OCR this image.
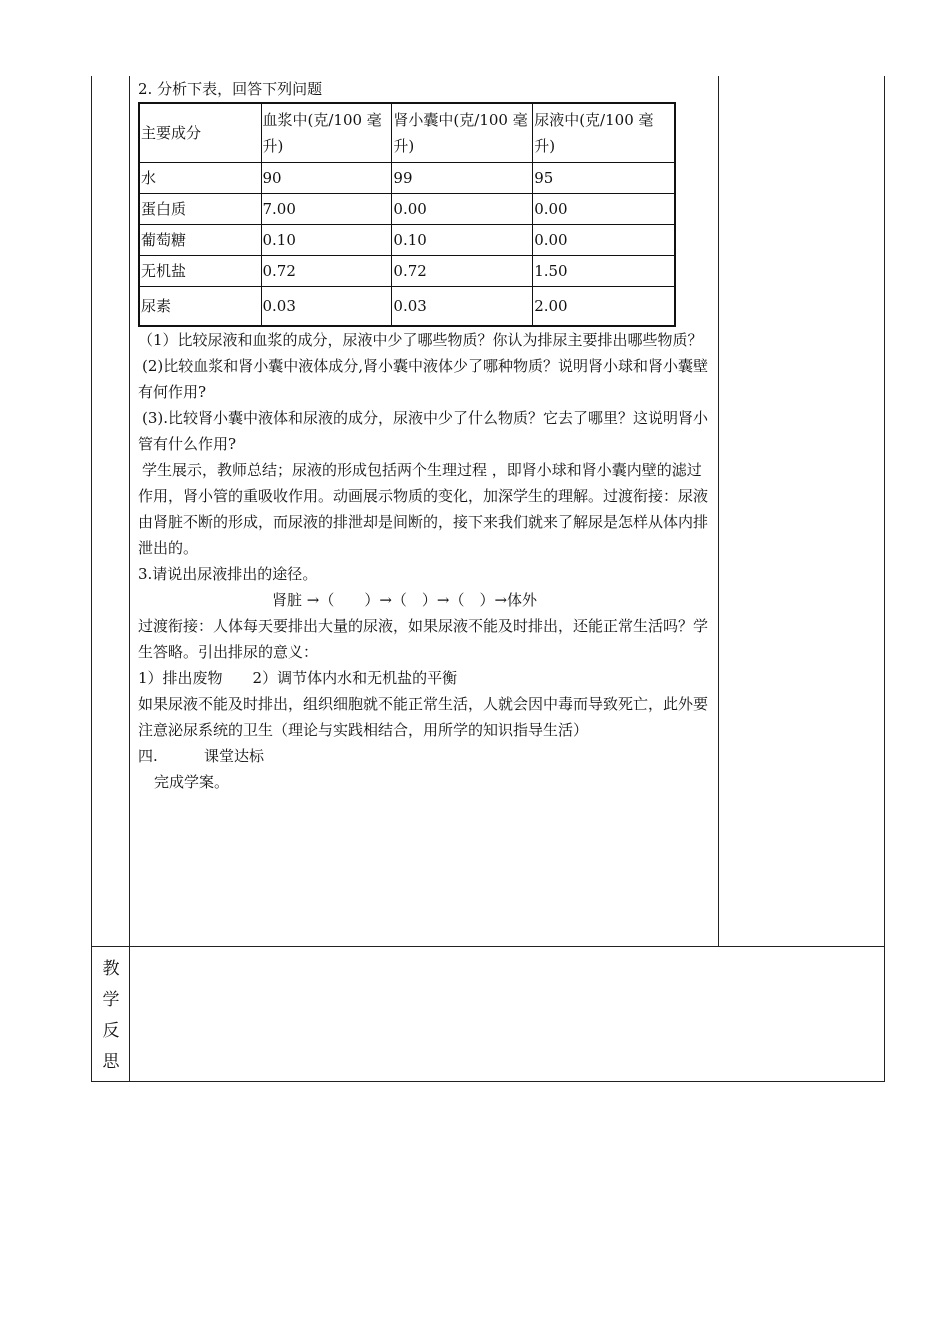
2. 分析下表，回答下列问题

主要成分	血浆中(克/100 毫升)	肾小囊中(克/100 毫升)	尿液中(克/100 毫升)
水	90	99	95
蛋白质	7.00	0.00	0.00
葡萄糖	0.10	0.10	0.00
无机盐	0.72	0.72	1.50
尿素	0.03	0.03	2.00

（1）比较尿液和血浆的成分，尿液中少了哪些物质？你认为排尿主要排出哪些物质？

(2)比较血浆和肾小囊中液体成分,肾小囊中液体少了哪种物质？说明肾小球和肾小囊壁有何作用?

(3).比较肾小囊中液体和尿液的成分，尿液中少了什么物质？它去了哪里？这说明肾小管有什么作用?

学生展示，教师总结；尿液的形成包括两个生理过程 ，即肾小球和肾小囊内壁的滤过作用，肾小管的重吸收作用。动画展示物质的变化，加深学生的理解。过渡衔接：尿液由肾脏不断的形成，而尿液的排泄却是间断的，接下来我们就来了解尿是怎样从体内排泄出的。

3.请说出尿液排出的途径。

肾脏 →（　　）→（　）→（　）→体外

过渡衔接：人体每天要排出大量的尿液，如果尿液不能及时排出，还能正常生活吗？学生答略。引出排尿的意义：

1）排出废物　　2）调节体内水和无机盐的平衡

如果尿液不能及时排出，组织细胞就不能正常生活，人就会因中毒而导致死亡，此外要注意泌尿系统的卫生（理论与实践相结合，用所学的知识指导生活）

四.	课堂达标

完成学案。

教
学
反
思
